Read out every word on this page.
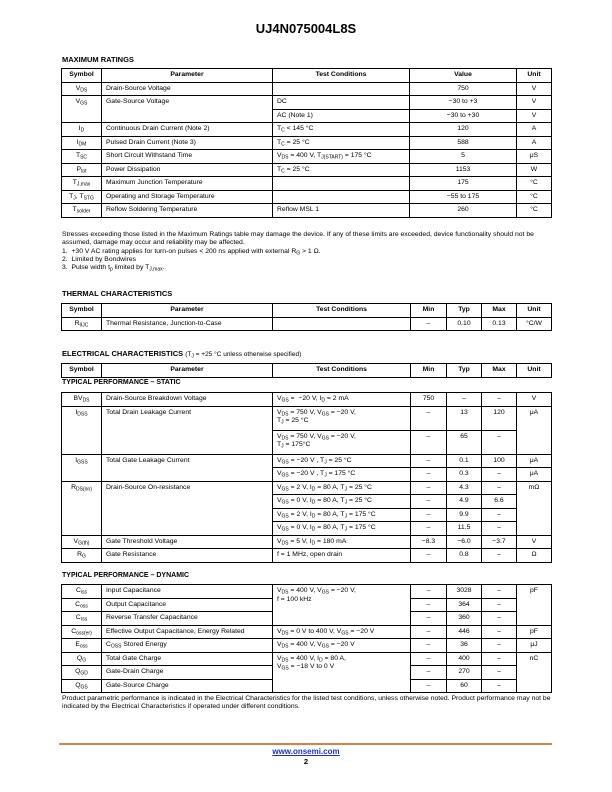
UJ4N075004L8S
MAXIMUM RATINGS
Symbol	Parameter	Test Conditions	Value	Unit
$V_{DS}$	Drain-Source Voltage		750	V
$V_{GS}$	Gate-Source Voltage	DC	−30 to +3	V
		AC (Note 1)	−30 to +30	V
$I_D$	Continuous Drain Current (Note 2)	$T_C < 145$ °C	120	A
$I_{DM}$	Pulsed Drain Current (Note 3)	$T_C = 25$ °C	588	A
$T_{SC}$	Short Circuit Withstand Time	$V_{DS} = 400$ V, $T_{J(START)} = 175$ °C	5	μS
$P_{tot}$	Power Dissipation	$T_C = 25$ °C	1153	W
$T_{J,max}$	Maximum Junction Temperature		175	°C
$T_J$, $T_{STG}$	Operating and Storage Temperature		−55 to 175	°C
$T_{solder}$	Reflow Soldering Temperature	Reflow MSL 1	260	°C
Stresses exceeding those listed in the Maximum Ratings table may damage the device. If any of these limits are exceeded, device functionality should not be assumed, damage may occur and reliability may be affected.
1.  +30 V AC rating applies for turn-on pulses < 200 ns applied with external $R_G > 1$ Ω.
2.  Limited by Bondwires
3.  Pulse width $t_p$ limited by $T_{J,max}$.
THERMAL CHARACTERISTICS
Symbol	Parameter	Test Conditions	Min	Typ	Max	Unit
$R_{\theta JC}$	Thermal Resistance, Junction-to-Case		–	0.10	0.13	°C/W
ELECTRICAL CHARACTERISTICS ($T_J = +25$ °C unless otherwise specified)
Symbol	Parameter	Test Conditions	Min	Typ	Max	Unit
TYPICAL PERFORMANCE – STATIC
$BV_{DS}$	Drain-Source Breakdown Voltage	$V_{GS} = -20$ V, $I_D = 2$ mA	750	–	–	V
$I_{DSS}$	Total Drain Leakage Current	$V_{DS} = 750$ V, $V_{GS} = -20$ V,
$T_J = 25$ °C	–	13	120	μA
		$V_{DS} = 750$ V, $V_{GS} = -20$ V,
$T_J = 175^\circ C$	–	65	–	
$I_{GSS}$	Total Gate Leakage Current	$V_{GS} = -20$ V , $T_J = 25$ °C	–	0.1	100	μA
		$V_{GS} = -20$ V , $T_J = 175$ °C	–	0.3	–	μA
$R_{DS(on)}$	Drain-Source On-resistance	$V_{GS} = 2$ V, $I_D = 80$ A, $T_J = 25$ °C	–	4.3	–	mΩ
		$V_{GS} = 0$ V, $I_D = 80$ A, $T_J = 25$ °C	–	4.9	6.6	
		$V_{GS} = 2$ V, $I_D = 80$ A, $T_J = 175$ °C	–	9.9	–	
		$V_{GS} = 0$ V, $I_D = 80$ A, $T_J = 175$ °C	–	11.5	–	
$V_{G(th)}$	Gate Threshold Voltage	$V_{DS} = 5$ V, $I_D = 180$ mA	−8.3	−6.0	−3.7	V
$R_G$	Gate Resistance	f = 1 MHz, open drain	–	0.8	–	Ω
TYPICAL PERFORMANCE – DYNAMIC
$C_{iss}$	Input Capacitance	$V_{DS} = 400$ V, $V_{GS} = -20$ V,
f = 100 kHz	–	3028	–	pF
$C_{oss}$	Output Capacitance		–	364	–	
$C_{rss}$	Reverse Transfer Capacitance		–	360	–	
$C_{oss(er)}$	Effective Output Capacitance, Energy Related	$V_{DS} = 0$ V to 400 V, $V_{GS} = -20$ V	–	446	–	pF
$E_{oss}$	$C_{OSS}$ Stored Energy	$V_{DS} = 400$ V, $V_{GS} = -20$ V	–	36	–	μJ
$Q_G$	Total Gate Charge	$V_{DS} = 400$ V, $I_D = 80$ A,
$V_{GS} = -18$ V to 0 V	–	400	–	nC
$Q_{GD}$	Gate-Drain Charge		–	270	–	
$Q_{GS}$	Gate-Source Charge		–	60	–	
Product parametric performance is indicated in the Electrical Characteristics for the listed test conditions, unless otherwise noted. Product performance may not be indicated by the Electrical Characteristics if operated under different conditions.
www.onsemi.com
2
